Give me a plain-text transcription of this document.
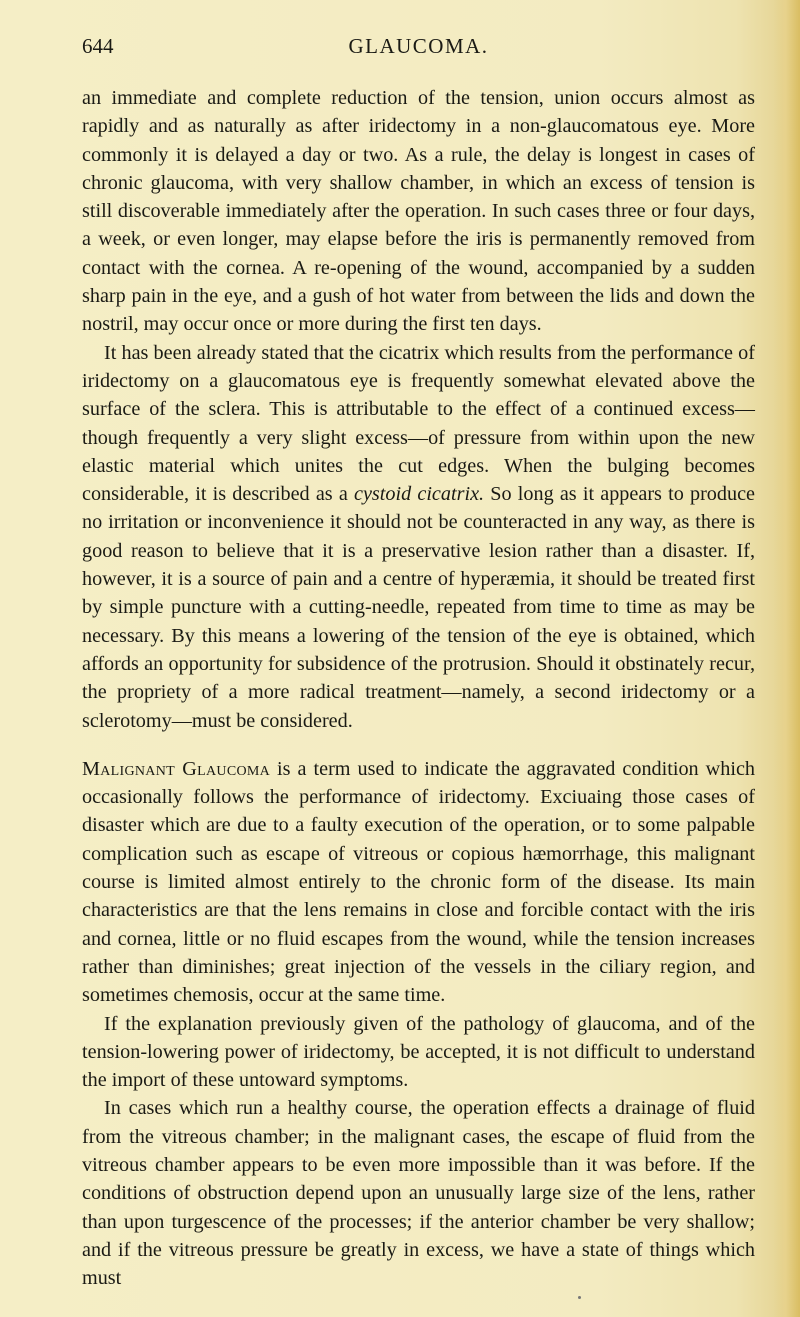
644	GLAUCOMA.

an immediate and complete reduction of the tension, union occurs almost as rapidly and as naturally as after iridectomy in a non-glaucomatous eye. More commonly it is delayed a day or two. As a rule, the delay is longest in cases of chronic glaucoma, with very shallow chamber, in which an excess of tension is still discoverable immediately after the operation. In such cases three or four days, a week, or even longer, may elapse before the iris is permanently removed from contact with the cornea. A re-opening of the wound, accompanied by a sudden sharp pain in the eye, and a gush of hot water from between the lids and down the nostril, may occur once or more during the first ten days.

It has been already stated that the cicatrix which results from the performance of iridectomy on a glaucomatous eye is frequently somewhat elevated above the surface of the sclera. This is attributable to the effect of a continued excess—though frequently a very slight excess—of pressure from within upon the new elastic material which unites the cut edges. When the bulging becomes considerable, it is described as a cystoid cicatrix. So long as it appears to produce no irritation or inconvenience it should not be counteracted in any way, as there is good reason to believe that it is a preservative lesion rather than a disaster. If, however, it is a source of pain and a centre of hyperæmia, it should be treated first by simple puncture with a cutting-needle, repeated from time to time as may be necessary. By this means a lowering of the tension of the eye is obtained, which affords an opportunity for subsidence of the protrusion. Should it obstinately recur, the propriety of a more radical treatment—namely, a second iridectomy or a sclerotomy—must be considered.

Malignant Glaucoma is a term used to indicate the aggravated condition which occasionally follows the performance of iridectomy. Exciuaing those cases of disaster which are due to a faulty execution of the operation, or to some palpable complication such as escape of vitreous or copious hæmorrhage, this malignant course is limited almost entirely to the chronic form of the disease. Its main characteristics are that the lens remains in close and forcible contact with the iris and cornea, little or no fluid escapes from the wound, while the tension increases rather than diminishes; great injection of the vessels in the ciliary region, and sometimes chemosis, occur at the same time.

If the explanation previously given of the pathology of glaucoma, and of the tension-lowering power of iridectomy, be accepted, it is not difficult to understand the import of these untoward symptoms.

In cases which run a healthy course, the operation effects a drainage of fluid from the vitreous chamber; in the malignant cases, the escape of fluid from the vitreous chamber appears to be even more impossible than it was before. If the conditions of obstruction depend upon an unusually large size of the lens, rather than upon turgescence of the processes; if the anterior chamber be very shallow; and if the vitreous pressure be greatly in excess, we have a state of things which must
